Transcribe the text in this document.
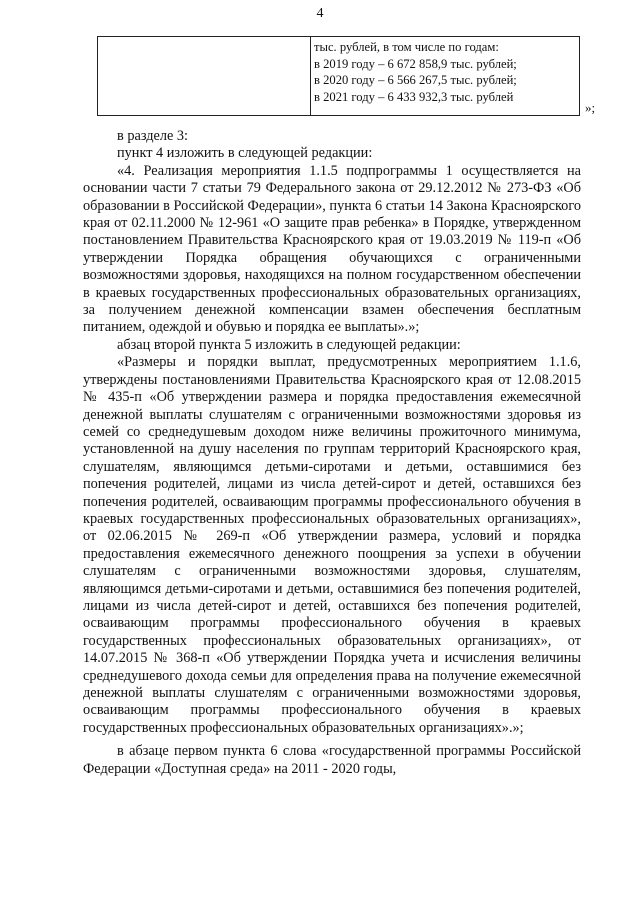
4

тыс. рублей, в том числе по годам:
в 2019 году – 6 672 858,9 тыс. рублей;
в 2020 году – 6 566 267,5 тыс. рублей;
в 2021 году – 6 433 932,3 тыс. рублей
»;

в разделе 3:

пункт 4 изложить в следующей редакции:

«4. Реализация мероприятия 1.1.5 подпрограммы 1 осуществляется на основании части 7 статьи 79 Федерального закона от 29.12.2012 № 273-ФЗ «Об образовании в Российской Федерации», пункта 6 статьи 14 Закона Красноярского края от 02.11.2000 № 12-961 «О защите прав ребенка» в Порядке, утвержденном постановлением Правительства Красноярского края от 19.03.2019 № 119-п «Об утверждении Порядка обращения обучающихся с ограниченными возможностями здоровья, находящихся на полном государственном обеспечении в краевых государственных профессиональных образовательных организациях, за получением денежной компенсации взамен обеспечения бесплатным питанием, одеждой и обувью и порядка ее выплаты».»;

абзац второй пункта 5 изложить в следующей редакции:

«Размеры и порядки выплат, предусмотренных мероприятием 1.1.6, утверждены постановлениями Правительства Красноярского края от 12.08.2015 № 435-п «Об утверждении размера и порядка предоставления ежемесячной денежной выплаты слушателям с ограниченными возможностями здоровья из семей со среднедушевым доходом ниже величины прожиточного минимума, установленной на душу населения по группам территорий Красноярского края, слушателям, являющимся детьми-сиротами и детьми, оставшимися без попечения родителей, лицами из числа детей-сирот и детей, оставшихся без попечения родителей, осваивающим программы профессионального обучения в краевых государственных профессиональных образовательных организациях», от 02.06.2015 № 269-п «Об утверждении размера, условий и порядка предоставления ежемесячного денежного поощрения за успехи в обучении слушателям с ограниченными возможностями здоровья, слушателям, являющимся детьми-сиротами и детьми, оставшимися без попечения родителей, лицами из числа детей-сирот и детей, оставшихся без попечения родителей, осваивающим программы профессионального обучения в краевых государственных профессиональных образовательных организациях», от 14.07.2015 № 368-п «Об утверждении Порядка учета и исчисления величины среднедушевого дохода семьи для определения права на получение ежемесячной денежной выплаты слушателям с ограниченными возможностями здоровья, осваивающим программы профессионального обучения в краевых государственных профессиональных образовательных организациях».»;

в абзаце первом пункта 6 слова «государственной программы Российской Федерации «Доступная среда» на 2011 - 2020 годы,
